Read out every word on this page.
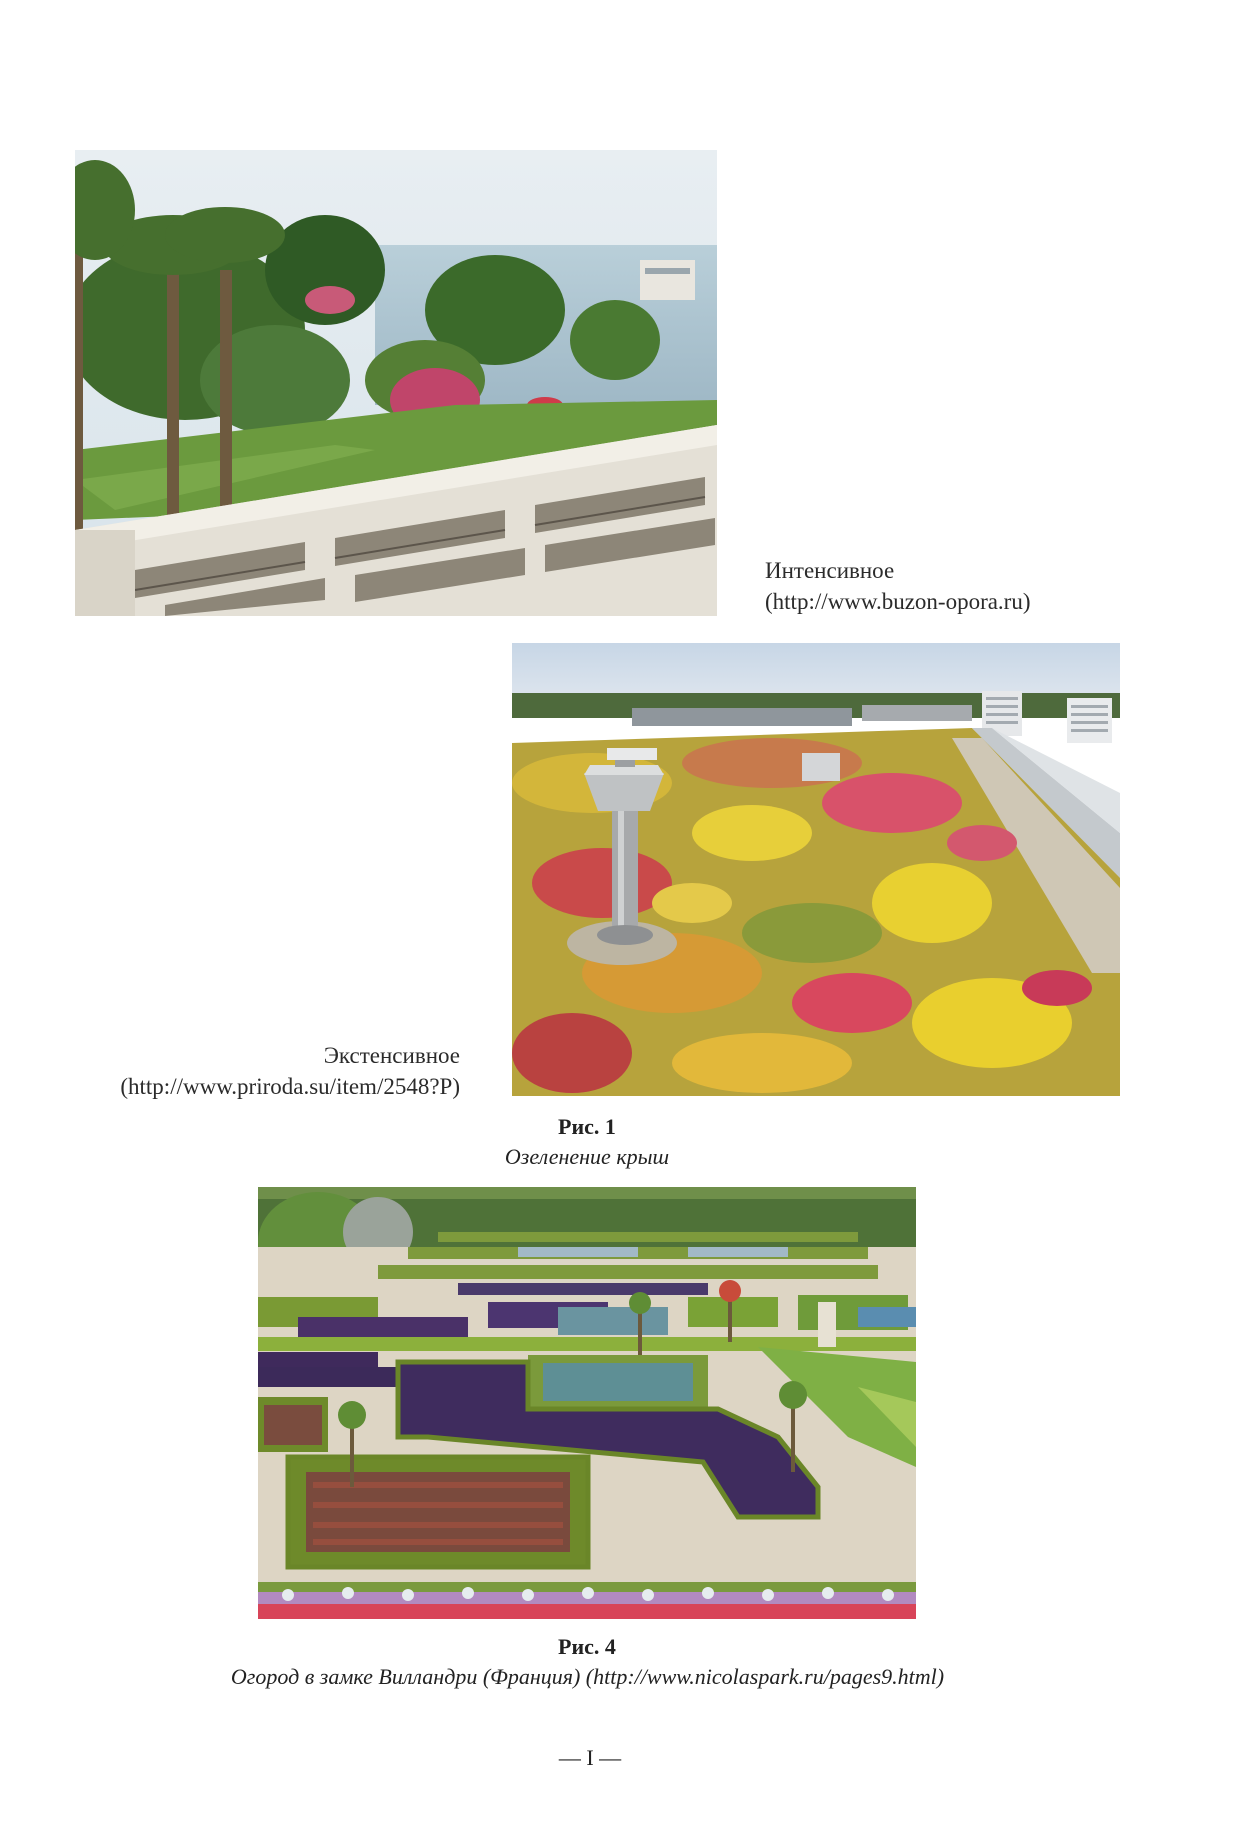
Интенсивное
(http://www.buzon-opora.ru)
Экстенсивное
(http://www.priroda.su/item/2548?P)
Рис. 1
Озеленение крыш
Рис. 4
Огород в замке Вилландри (Франция) (http://www.nicolaspark.ru/pages9.html)
— I —
